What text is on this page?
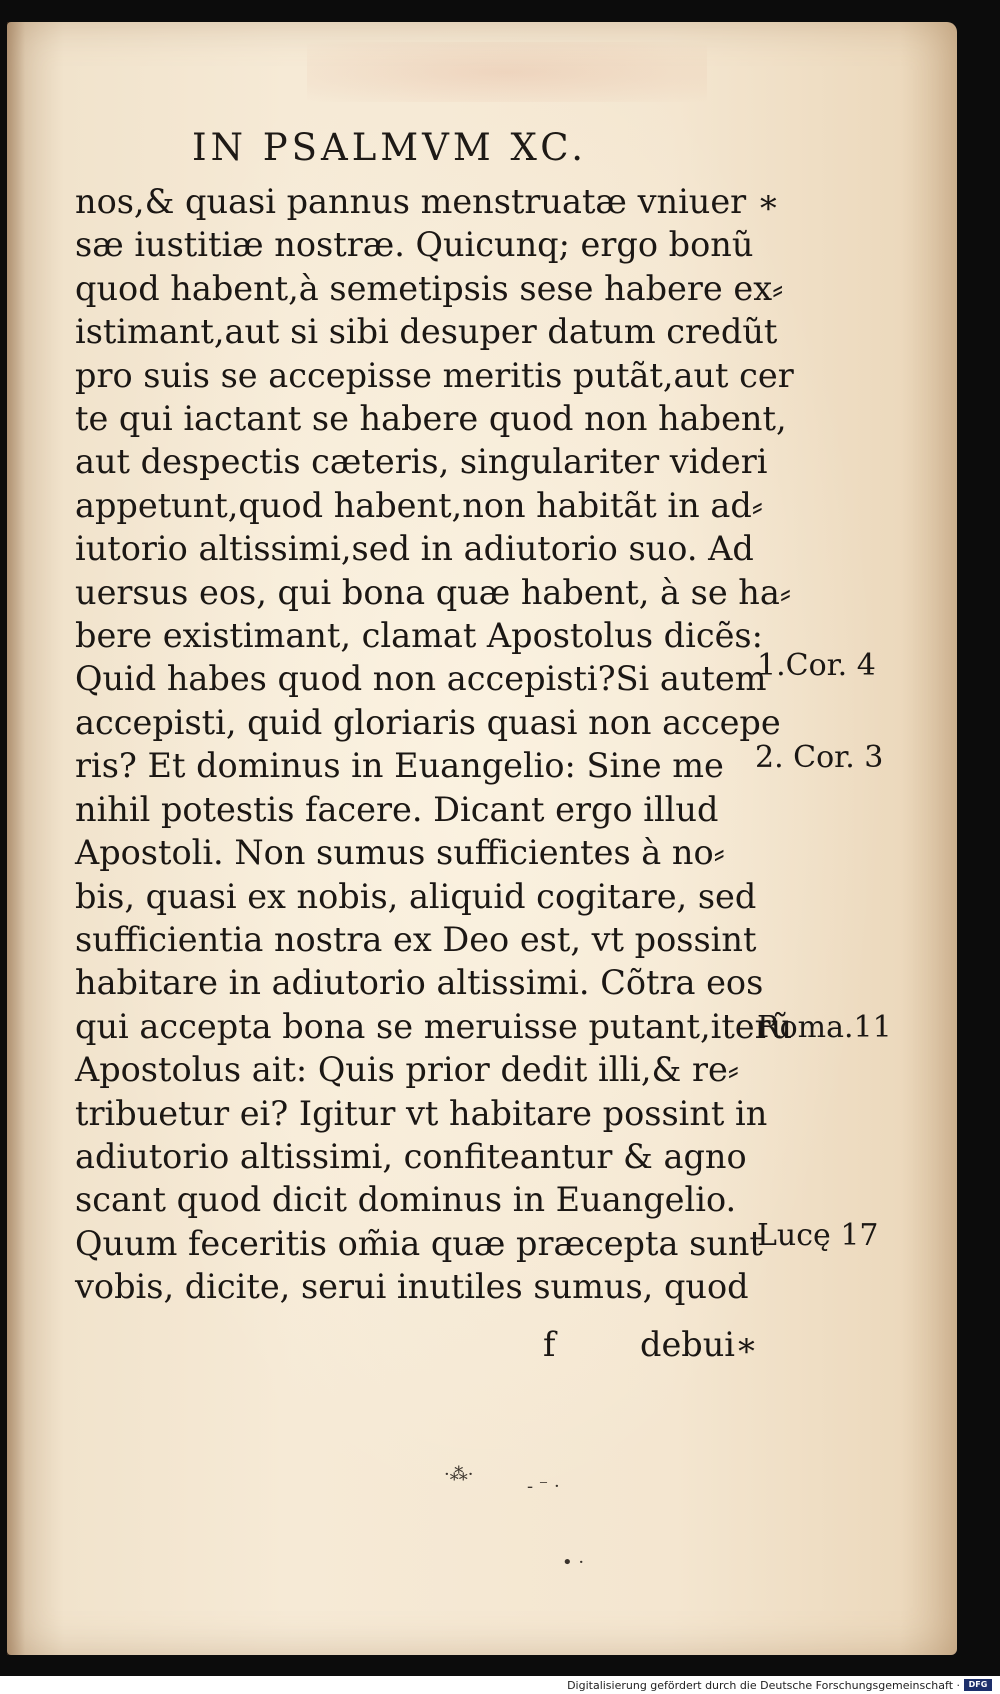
IN PSALMVM XC.
nos,& quasi pannus menstruatæ vniuer ∗
sæ iustitiæ nostræ. Quicunq; ergo bonũ
quod habent,à semetipsis sese habere ex⸗
istimant,aut si sibi desuper datum credũt
pro suis se accepisse meritis putãt,aut cer
te qui iactant se habere quod non habent,
aut despectis cæteris, singulariter videri
appetunt,quod habent,non habitãt in ad⸗
iutorio altissimi,sed in adiutorio suo. Ad
uersus eos, qui bona quæ habent, à se ha⸗
bere existimant, clamat Apostolus dicẽs:
Quid habes quod non accepisti?Si autem
accepisti, quid gloriaris quasi non accepe
ris? Et dominus in Euangelio: Sine me
nihil potestis facere. Dicant ergo illud
Apostoli. Non sumus sufficientes à no⸗
bis, quasi ex nobis, aliquid cogitare, sed
sufficientia nostra ex Deo est, vt possint
habitare in adiutorio altissimi. Cõtra eos
qui accepta bona se meruisse putant,iterũ
Apostolus ait: Quis prior dedit illi,& re⸗
tribuetur ei? Igitur vt habitare possint in
adiutorio altissimi, confiteantur & agno
scant quod dicit dominus in Euangelio.
Quum feceritis om̃ia quæ præcepta sunt
vobis, dicite, serui inutiles sumus, quod
f	debui∗
1.Cor. 4
2. Cor. 3
Roma.11
Lucę 17
·⁂·
- ⁻ ·
• ·
Digitalisierung gefördert durch die Deutsche Forschungsgemeinschaft ·	DFG
